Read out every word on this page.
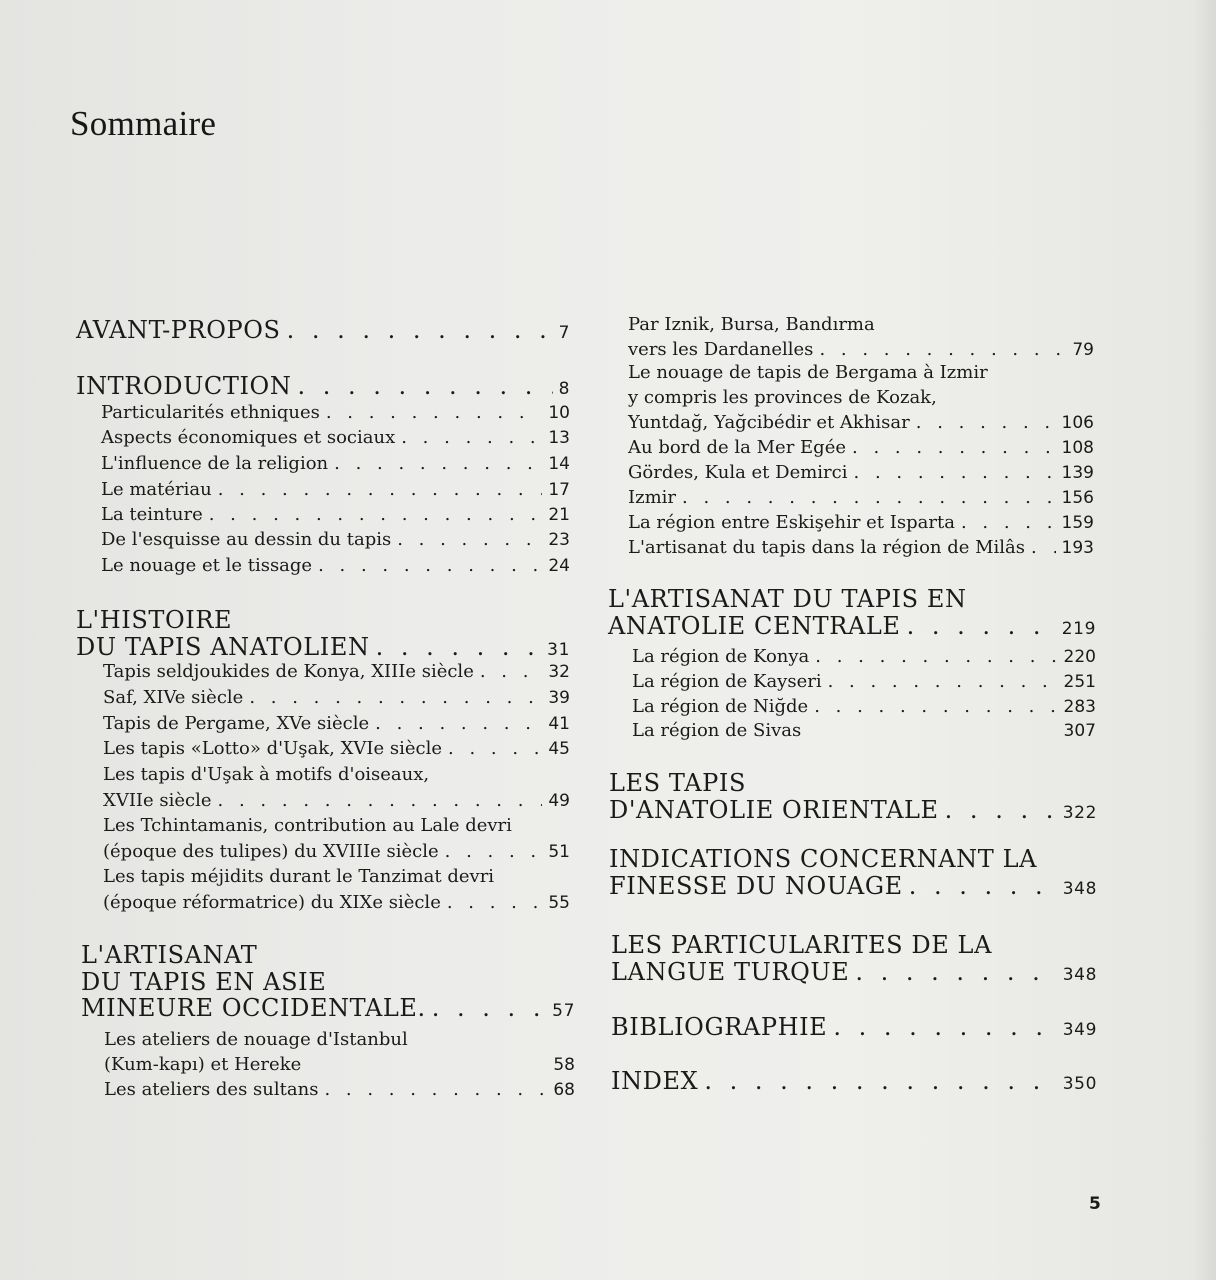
Sommaire
AVANT-PROPOS . . .	7
INTRODUCTION . . .	8
Particularités ethniques . . .	10
Aspects économiques et sociaux . . .	13
L'influence de la religion . . .	14
Le matériau . . .	17
La teinture . . .	21
De l'esquisse au dessin du tapis . . .	23
Le nouage et le tissage . . .	24
L'HISTOIRE
DU TAPIS ANATOLIEN . . .	31
Tapis seldjoukides de Konya, XIIIe siècle . . .	32
Saf, XIVe siècle . . .	39
Tapis de Pergame, XVe siècle . . .	41
Les tapis «Lotto» d'Uşak, XVIe siècle . . .	45
Les tapis d'Uşak à motifs d'oiseaux,
XVIIe siècle . . .	49
Les Tchintamanis, contribution au Lale devri
(époque des tulipes) du XVIIIe siècle . . .	51
Les tapis méjidits durant le Tanzimat devri
(époque réformatrice) du XIXe siècle . . .	55
L'ARTISANAT
DU TAPIS EN ASIE
MINEURE OCCIDENTALE. . . .	57
Les ateliers de nouage d'Istanbul
(Kum-kapı) et Hereke	58
Les ateliers des sultans . . .	68
Par Iznik, Bursa, Bandırma
vers les Dardanelles . . .	79
Le nouage de tapis de Bergama à Izmir
y compris les provinces de Kozak,
Yuntdağ, Yağcibédir et Akhisar . . .	106
Au bord de la Mer Egée . . .	108
Gördes, Kula et Demirci . . .	139
Izmir . . .	156
La région entre Eskişehir et Isparta . . .	159
L'artisanat du tapis dans la région de Milâs . . . 193
L'ARTISANAT DU TAPIS EN
ANATOLIE CENTRALE . . .	219
La région de Konya . . .	220
La région de Kayseri . . .	251
La région de Niğde . . .	283
La région de Sivas	307
LES TAPIS
D'ANATOLIE ORIENTALE . . .	322
INDICATIONS CONCERNANT LA
FINESSE DU NOUAGE . . .	348
LES PARTICULARITES DE LA
LANGUE TURQUE . . .	348
BIBLIOGRAPHIE . . .	349
INDEX . . .	350
5
